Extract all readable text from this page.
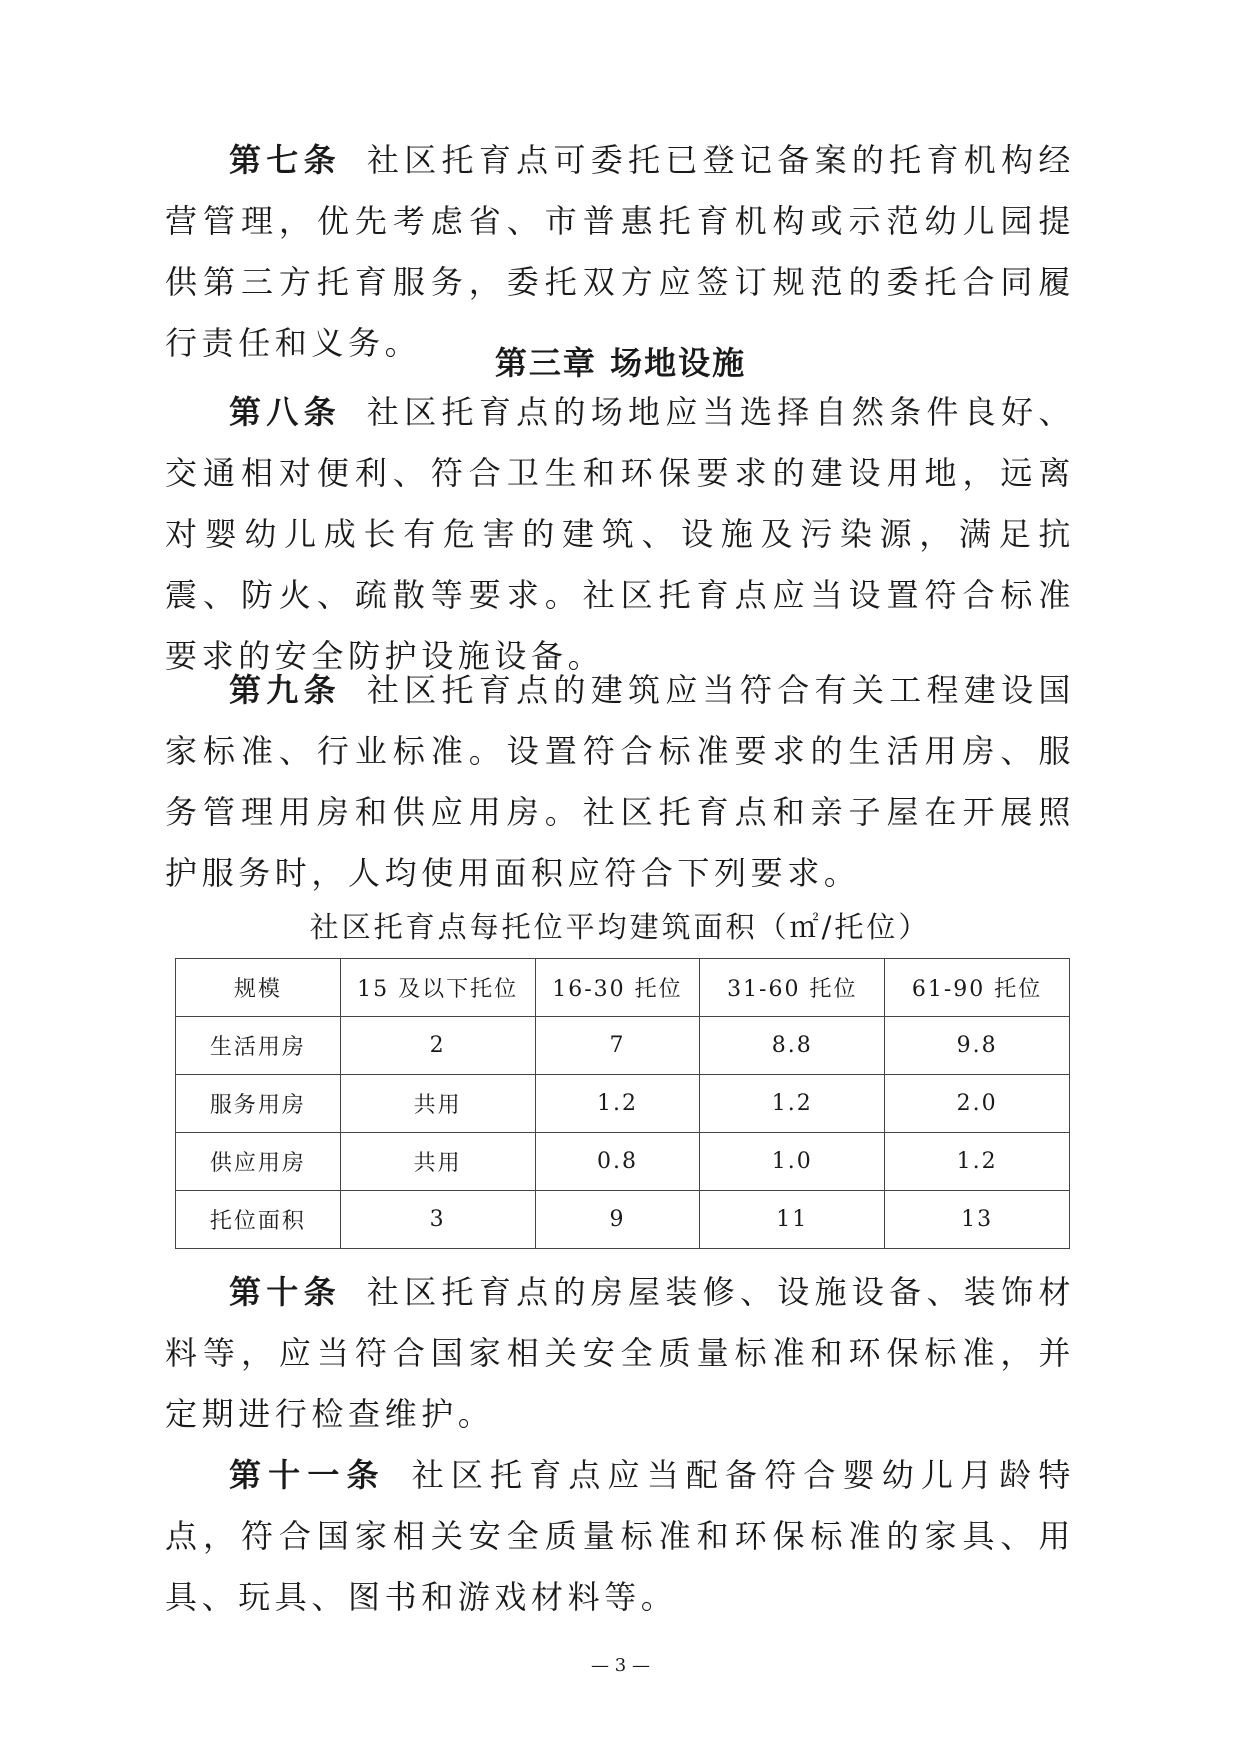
第七条 社区托育点可委托已登记备案的托育机构经营管理，优先考虑省、市普惠托育机构或示范幼儿园提供第三方托育服务，委托双方应签订规范的委托合同履行责任和义务。

第三章 场地设施

第八条 社区托育点的场地应当选择自然条件良好、交通相对便利、符合卫生和环保要求的建设用地，远离对婴幼儿成长有危害的建筑、设施及污染源，满足抗震、防火、疏散等要求。社区托育点应当设置符合标准要求的安全防护设施设备。

第九条 社区托育点的建筑应当符合有关工程建设国家标准、行业标准。设置符合标准要求的生活用房、服务管理用房和供应用房。社区托育点和亲子屋在开展照护服务时，人均使用面积应符合下列要求。

社区托育点每托位平均建筑面积（㎡/托位）

规模	15 及以下托位	16-30 托位	31-60 托位	61-90 托位
生活用房	2	7	8.8	9.8
服务用房	共用	1.2	1.2	2.0
供应用房	共用	0.8	1.0	1.2
托位面积	3	9	11	13

第十条 社区托育点的房屋装修、设施设备、装饰材料等，应当符合国家相关安全质量标准和环保标准，并定期进行检查维护。

第十一条 社区托育点应当配备符合婴幼儿月龄特点，符合国家相关安全质量标准和环保标准的家具、用具、玩具、图书和游戏材料等。

— 3 —
